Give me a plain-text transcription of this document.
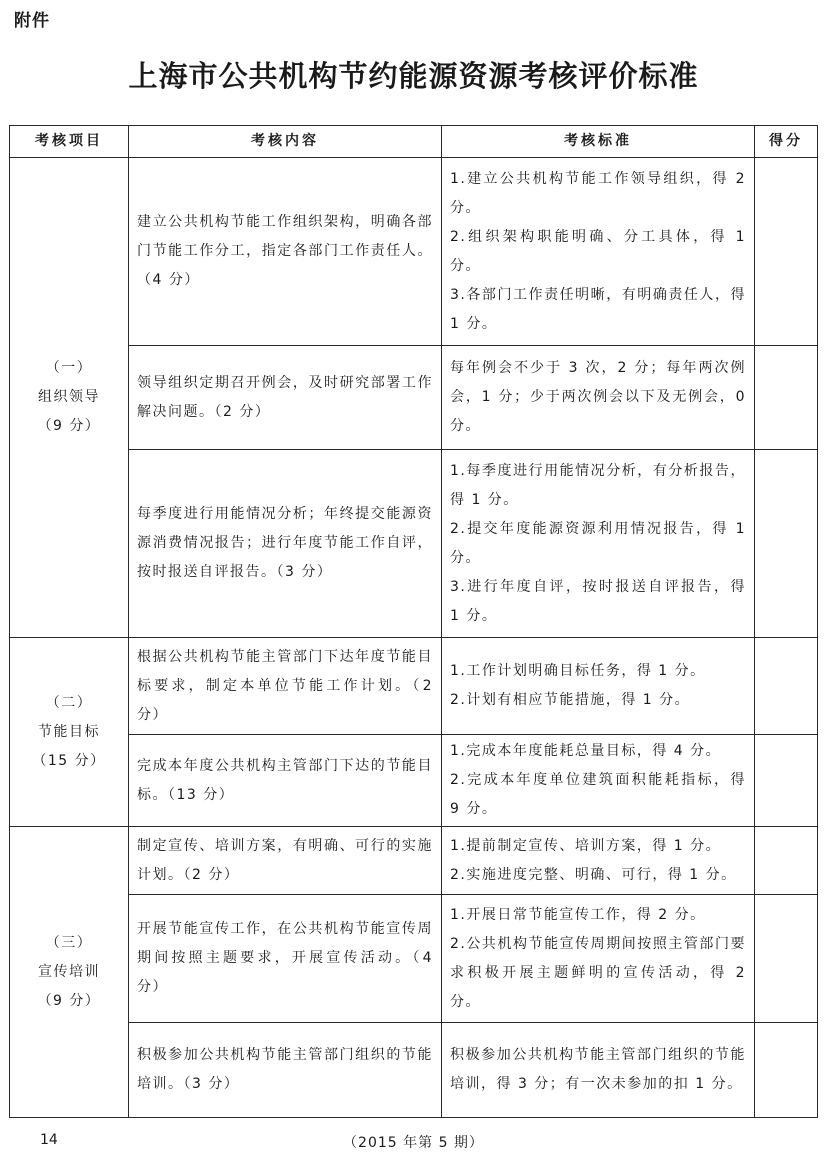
附件
上海市公共机构节约能源资源考核评价标准
考核项目	考核内容	考核标准	得分

（一）
组织领导
（9 分）	建立公共机构节能工作组织架构，明确各部门节能工作分工，指定各部门工作责任人。（4 分）	1.建立公共机构节能工作领导组织，得 2 分。
2.组织架构职能明确、分工具体，得 1 分。
3.各部门工作责任明晰，有明确责任人，得 1 分。	

	领导组织定期召开例会，及时研究部署工作解决问题。（2 分）	每年例会不少于 3 次，2 分；每年两次例会，1 分；少于两次例会以下及无例会，0 分。	

	每季度进行用能情况分析；年终提交能源资源消费情况报告；进行年度节能工作自评，按时报送自评报告。（3 分）	1.每季度进行用能情况分析，有分析报告，得 1 分。
2.提交年度能源资源利用情况报告，得 1 分。
3.进行年度自评，按时报送自评报告，得 1 分。	

（二）
节能目标
（15 分）	根据公共机构节能主管部门下达年度节能目标要求，制定本单位节能工作计划。（2 分）	1.工作计划明确目标任务，得 1 分。
2.计划有相应节能措施，得 1 分。	

	完成本年度公共机构主管部门下达的节能目标。（13 分）	1.完成本年度能耗总量目标，得 4 分。
2.完成本年度单位建筑面积能耗指标，得 9 分。	

（三）
宣传培训
（9 分）	制定宣传、培训方案，有明确、可行的实施计划。（2 分）	1.提前制定宣传、培训方案，得 1 分。
2.实施进度完整、明确、可行，得 1 分。	

	开展节能宣传工作，在公共机构节能宣传周期间按照主题要求，开展宣传活动。（4 分）	1.开展日常节能宣传工作，得 2 分。
2.公共机构节能宣传周期间按照主管部门要求积极开展主题鲜明的宣传活动，得 2 分。	

	积极参加公共机构节能主管部门组织的节能培训。（3 分）	积极参加公共机构节能主管部门组织的节能培训，得 3 分；有一次未参加的扣 1 分。	

14	（2015 年第 5 期）
